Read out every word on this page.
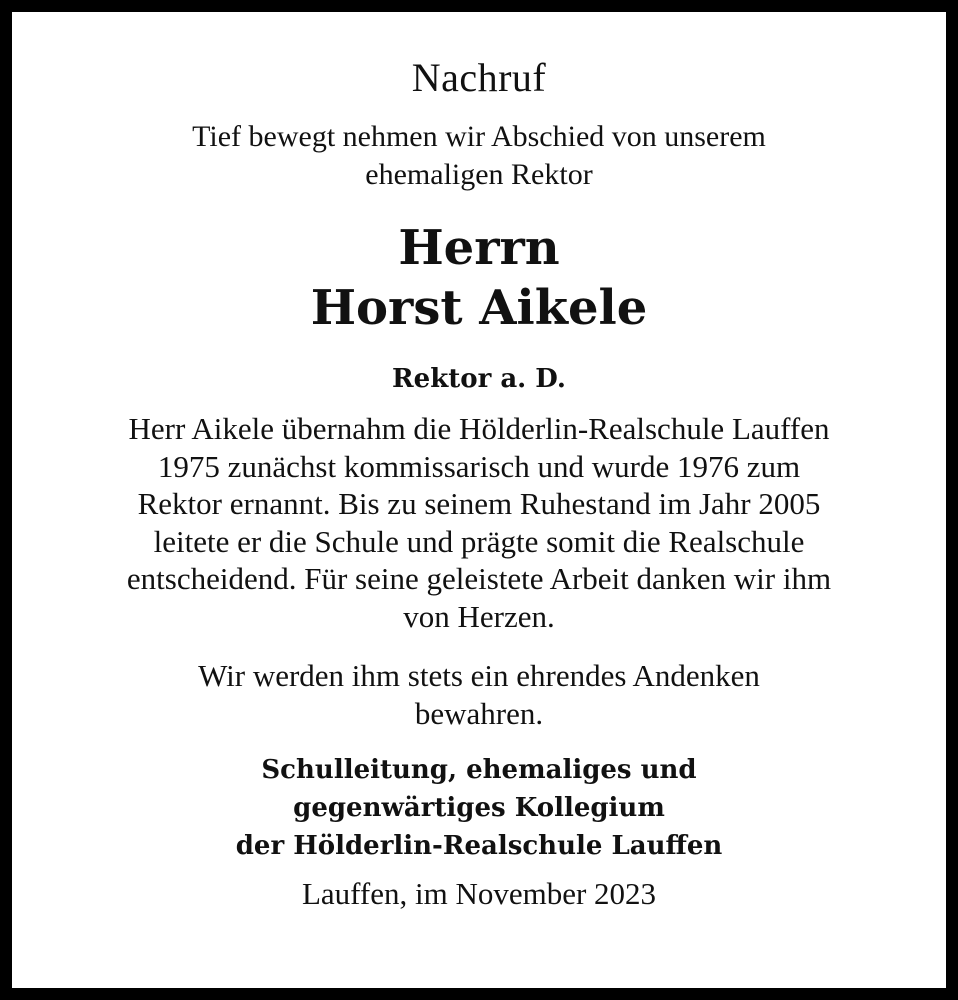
Nachruf
Tief bewegt nehmen wir Abschied von unserem
ehemaligen Rektor
Herrn
Horst Aikele
Rektor a. D.
Herr Aikele übernahm die Hölderlin-Realschule Lauffen
1975 zunächst kommissarisch und wurde 1976 zum
Rektor ernannt. Bis zu seinem Ruhestand im Jahr 2005
leitete er die Schule und prägte somit die Realschule
entscheidend. Für seine geleistete Arbeit danken wir ihm
von Herzen.
Wir werden ihm stets ein ehrendes Andenken
bewahren.
Schulleitung, ehemaliges und
gegenwärtiges Kollegium
der Hölderlin-Realschule Lauffen
Lauffen, im November 2023
